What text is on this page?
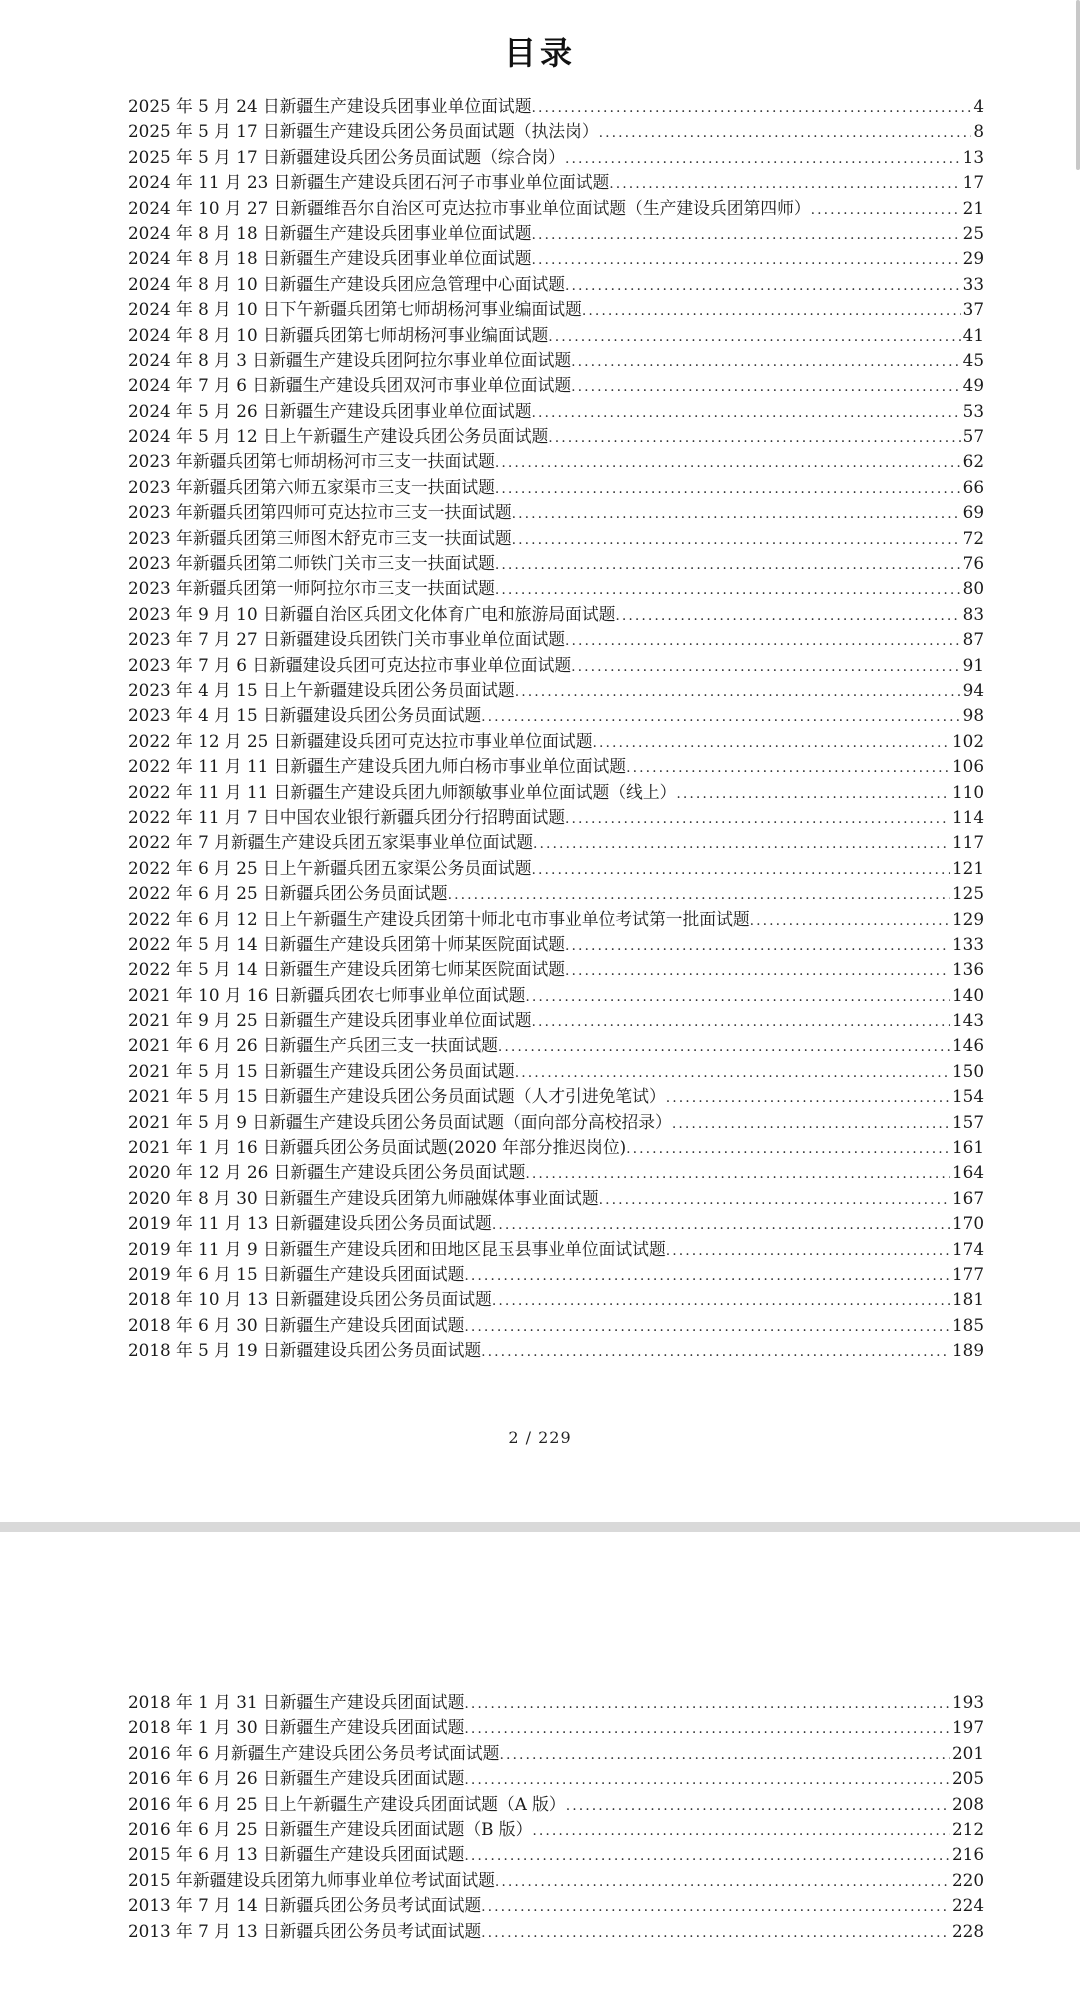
目录
2025 年 5 月 24 日新疆生产建设兵团事业单位面试题 . . .	4
2025 年 5 月 17 日新疆生产建设兵团公务员面试题（执法岗） . . .	8
2025 年 5 月 17 日新疆建设兵团公务员面试题（综合岗） . . .	13
2024 年 11 月 23 日新疆生产建设兵团石河子市事业单位面试题 . . .	17
2024 年 10 月 27 日新疆维吾尔自治区可克达拉市事业单位面试题（生产建设兵团第四师） . . .	21
2024 年 8 月 18 日新疆生产建设兵团事业单位面试题 . . .	25
2024 年 8 月 18 日新疆生产建设兵团事业单位面试题 . . .	29
2024 年 8 月 10 日新疆生产建设兵团应急管理中心面试题 . . .	33
2024 年 8 月 10 日下午新疆兵团第七师胡杨河事业编面试题 . . .	37
2024 年 8 月 10 日新疆兵团第七师胡杨河事业编面试题 . . .	41
2024 年 8 月 3 日新疆生产建设兵团阿拉尔事业单位面试题 . . .	45
2024 年 7 月 6 日新疆生产建设兵团双河市事业单位面试题 . . .	49
2024 年 5 月 26 日新疆生产建设兵团事业单位面试题 . . .	53
2024 年 5 月 12 日上午新疆生产建设兵团公务员面试题 . . .	57
2023 年新疆兵团第七师胡杨河市三支一扶面试题 . . .	62
2023 年新疆兵团第六师五家渠市三支一扶面试题 . . .	66
2023 年新疆兵团第四师可克达拉市三支一扶面试题 . . .	69
2023 年新疆兵团第三师图木舒克市三支一扶面试题 . . .	72
2023 年新疆兵团第二师铁门关市三支一扶面试题 . . .	76
2023 年新疆兵团第一师阿拉尔市三支一扶面试题 . . .	80
2023 年 9 月 10 日新疆自治区兵团文化体育广电和旅游局面试题 . . .	83
2023 年 7 月 27 日新疆建设兵团铁门关市事业单位面试题 . . .	87
2023 年 7 月 6 日新疆建设兵团可克达拉市事业单位面试题 . . .	91
2023 年 4 月 15 日上午新疆建设兵团公务员面试题 . . .	94
2023 年 4 月 15 日新疆建设兵团公务员面试题 . . .	98
2022 年 12 月 25 日新疆建设兵团可克达拉市事业单位面试题 . . .	102
2022 年 11 月 11 日新疆生产建设兵团九师白杨市事业单位面试题 . . .	106
2022 年 11 月 11 日新疆生产建设兵团九师额敏事业单位面试题（线上） . . .	110
2022 年 11 月 7 日中国农业银行新疆兵团分行招聘面试题 . . .	114
2022 年 7 月新疆生产建设兵团五家渠事业单位面试题 . . .	117
2022 年 6 月 25 日上午新疆兵团五家渠公务员面试题 . . .	121
2022 年 6 月 25 日新疆兵团公务员面试题 . . .	125
2022 年 6 月 12 日上午新疆生产建设兵团第十师北屯市事业单位考试第一批面试题 . . .	129
2022 年 5 月 14 日新疆生产建设兵团第十师某医院面试题 . . .	133
2022 年 5 月 14 日新疆生产建设兵团第七师某医院面试题 . . .	136
2021 年 10 月 16 日新疆兵团农七师事业单位面试题 . . .	140
2021 年 9 月 25 日新疆生产建设兵团事业单位面试题 . . .	143
2021 年 6 月 26 日新疆生产兵团三支一扶面试题 . . .	146
2021 年 5 月 15 日新疆生产建设兵团公务员面试题 . . .	150
2021 年 5 月 15 日新疆生产建设兵团公务员面试题（人才引进免笔试） . . .	154
2021 年 5 月 9 日新疆生产建设兵团公务员面试题（面向部分高校招录） . . .	157
2021 年 1 月 16 日新疆兵团公务员面试题(2020 年部分推迟岗位) . . .	161
2020 年 12 月 26 日新疆生产建设兵团公务员面试题 . . .	164
2020 年 8 月 30 日新疆生产建设兵团第九师融媒体事业面试题 . . .	167
2019 年 11 月 13 日新疆建设兵团公务员面试题 . . .	170
2019 年 11 月 9 日新疆生产建设兵团和田地区昆玉县事业单位面试试题 . . .	174
2019 年 6 月 15 日新疆生产建设兵团面试题 . . .	177
2018 年 10 月 13 日新疆建设兵团公务员面试题 . . .	181
2018 年 6 月 30 日新疆生产建设兵团面试题 . . .	185
2018 年 5 月 19 日新疆建设兵团公务员面试题 . . .	189
2 / 229
2018 年 1 月 31 日新疆生产建设兵团面试题 . . .	193
2018 年 1 月 30 日新疆生产建设兵团面试题 . . .	197
2016 年 6 月新疆生产建设兵团公务员考试面试题 . . .	201
2016 年 6 月 26 日新疆生产建设兵团面试题 . . .	205
2016 年 6 月 25 日上午新疆生产建设兵团面试题（A 版） . . .	208
2016 年 6 月 25 日新疆生产建设兵团面试题（B 版） . . .	212
2015 年 6 月 13 日新疆生产建设兵团面试题 . . .	216
2015 年新疆建设兵团第九师事业单位考试面试题 . . .	220
2013 年 7 月 14 日新疆兵团公务员考试面试题 . . .	224
2013 年 7 月 13 日新疆兵团公务员考试面试题 . . .	228
